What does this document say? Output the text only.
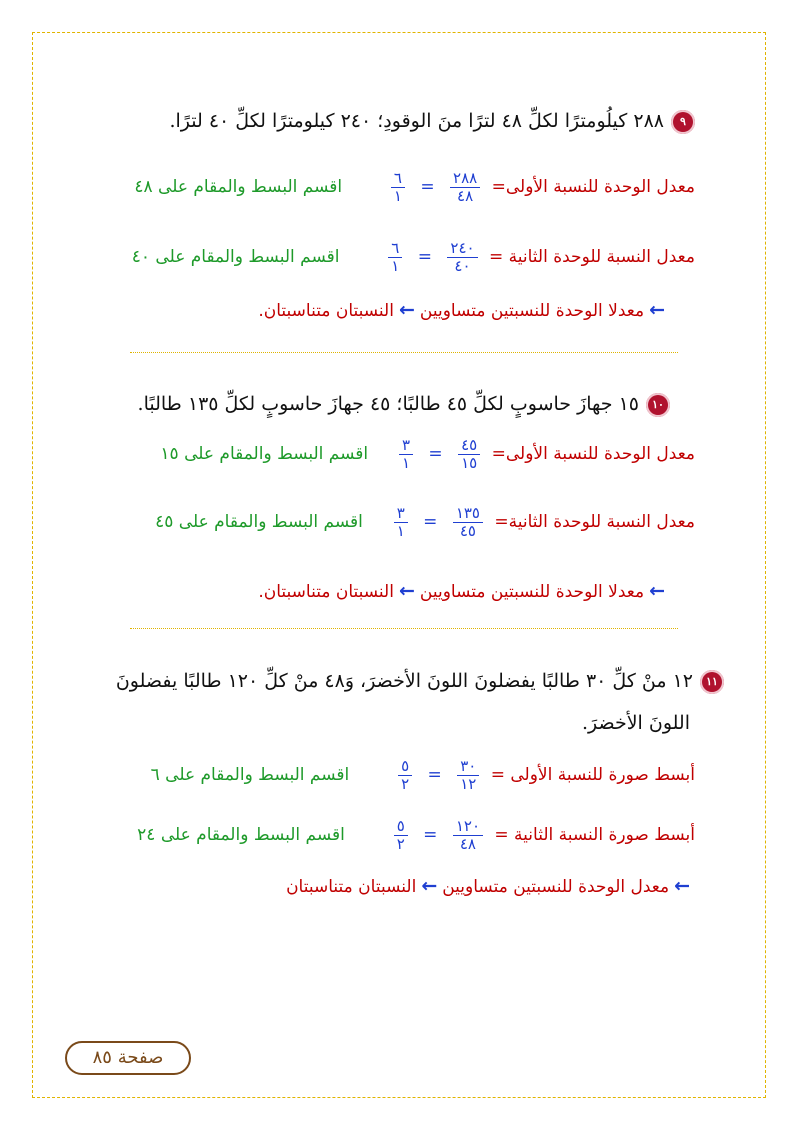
٩٢٨٨ كيلُومترًا لكلِّ ٤٨ لترًا منَ الوقودِ؛ ٢٤٠ كيلومترًا لكلِّ ٤٠ لترًا.
معدل الوحدة للنسبة الأولى=
$\frac{٢٨٨}{٤٨}$
=
$\frac{٦}{١}$
اقسم البسط والمقام على ٤٨
معدل النسبة للوحدة الثانية =
$\frac{٢٤٠}{٤٠}$
=
$\frac{٦}{١}$
اقسم البسط والمقام على ٤٠
←معدلا الوحدة للنسبتين متساويين←النسبتان متناسبتان.
١٠١٥ جهازَ حاسوبٍ لكلِّ ٤٥ طالبًا؛ ٤٥ جهازَ حاسوبٍ لكلِّ ١٣٥ طالبًا.
معدل الوحدة للنسبة الأولى=
$\frac{٤٥}{١٥}$
=
$\frac{٣}{١}$
اقسم البسط والمقام على ١٥
معدل النسبة للوحدة الثانية=
$\frac{١٣٥}{٤٥}$
=
$\frac{٣}{١}$
اقسم البسط والمقام على ٤٥
←معدلا الوحدة للنسبتين متساويين←النسبتان متناسبتان.
١١١٢ منْ كلِّ ٣٠ طالبًا يفضلونَ اللونَ الأخضرَ، وَ٤٨ منْ كلِّ ١٢٠ طالبًا يفضلونَ
اللونَ الأخضرَ.
أبسط صورة للنسبة الأولى =
$\frac{٣٠}{١٢}$
=
$\frac{٥}{٢}$
اقسم البسط والمقام على ٦
أبسط صورة النسبة الثانية =
$\frac{١٢٠}{٤٨}$
=
$\frac{٥}{٢}$
اقسم البسط والمقام على ٢٤
←معدل الوحدة للنسبتين متساويين←النسبتان متناسبتان
صفحة ٨٥
